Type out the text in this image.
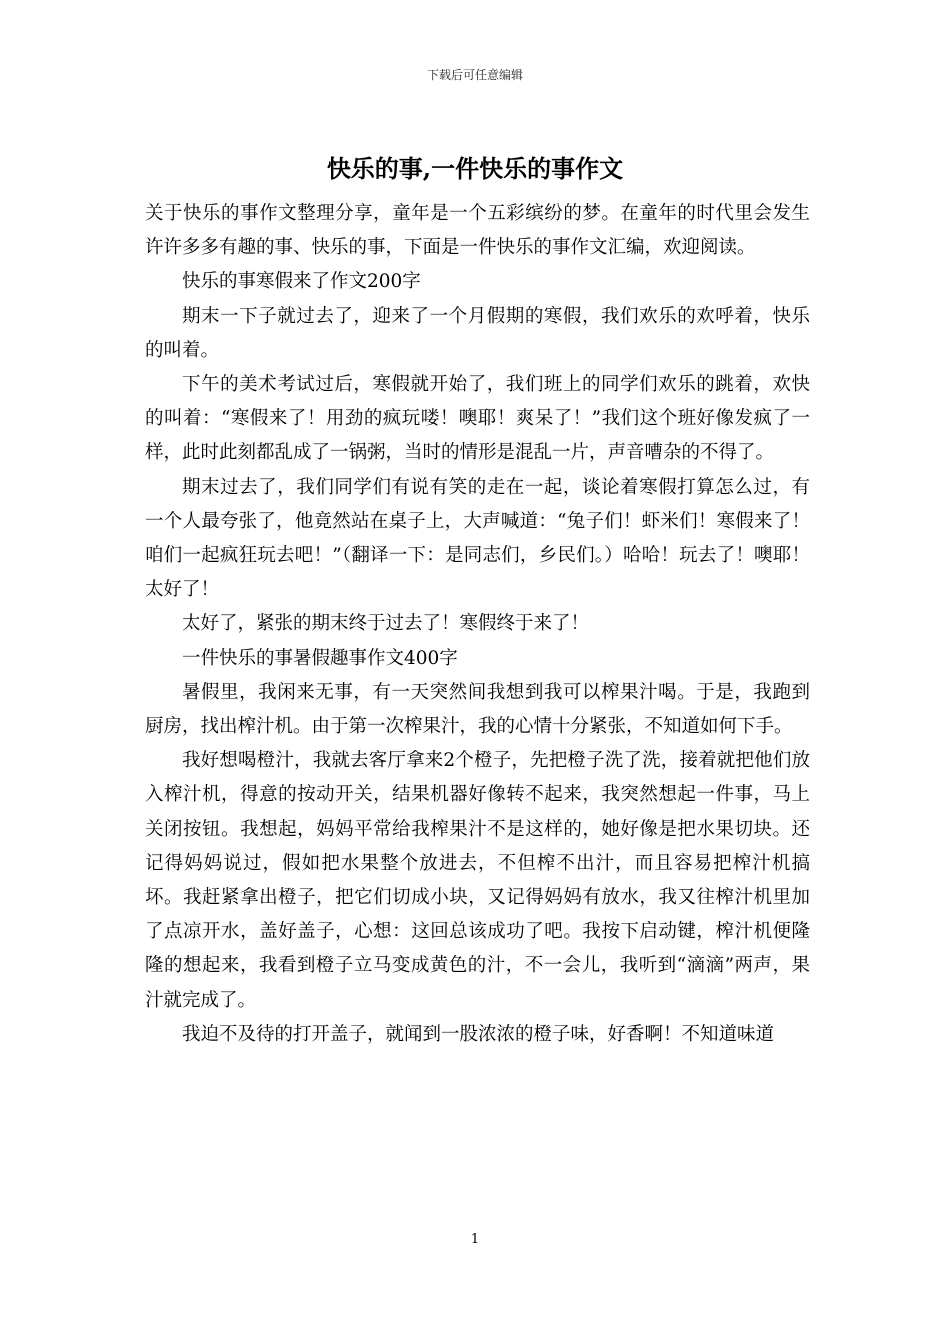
下载后可任意编辑
快乐的事,一件快乐的事作文

关于快乐的事作文整理分享，童年是一个五彩缤纷的梦。在童年的时代里会发生许许多多有趣的事、快乐的事，下面是一件快乐的事作文汇编，欢迎阅读。

快乐的事寒假来了作文200字

期末一下子就过去了，迎来了一个月假期的寒假，我们欢乐的欢呼着，快乐的叫着。

下午的美术考试过后，寒假就开始了，我们班上的同学们欢乐的跳着，欢快的叫着：“寒假来了！用劲的疯玩喽！噢耶！爽呆了！”我们这个班好像发疯了一样，此时此刻都乱成了一锅粥，当时的情形是混乱一片，声音嘈杂的不得了。

期末过去了，我们同学们有说有笑的走在一起，谈论着寒假打算怎么过，有一个人最夸张了，他竟然站在桌子上，大声喊道：“兔子们！虾米们！寒假来了！咱们一起疯狂玩去吧！”（翻译一下：是同志们，乡民们。）哈哈！玩去了！噢耶！太好了！

太好了，紧张的期末终于过去了！寒假终于来了！

一件快乐的事暑假趣事作文400字

暑假里，我闲来无事，有一天突然间我想到我可以榨果汁喝。于是，我跑到厨房，找出榨汁机。由于第一次榨果汁，我的心情十分紧张，不知道如何下手。

我好想喝橙汁，我就去客厅拿来2个橙子，先把橙子洗了洗，接着就把他们放入榨汁机，得意的按动开关，结果机器好像转不起来，我突然想起一件事，马上关闭按钮。我想起，妈妈平常给我榨果汁不是这样的，她好像是把水果切块。还记得妈妈说过，假如把水果整个放进去，不但榨不出汁，而且容易把榨汁机搞坏。我赶紧拿出橙子，把它们切成小块，又记得妈妈有放水，我又往榨汁机里加了点凉开水，盖好盖子，心想：这回总该成功了吧。我按下启动键，榨汁机便隆隆的想起来，我看到橙子立马变成黄色的汁，不一会儿，我听到“滴滴”两声，果汁就完成了。

我迫不及待的打开盖子，就闻到一股浓浓的橙子味，好香啊！不知道味道

1
